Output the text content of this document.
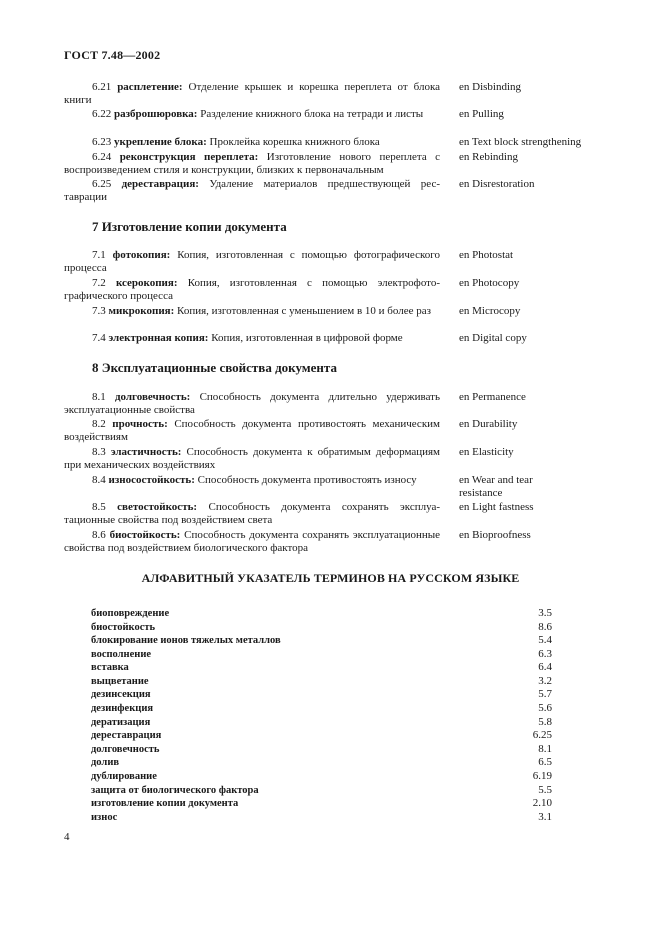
ГОСТ 7.48—2002
6.21 расплетение: Отделение крышек и корешка переплета от блока книги
en Disbinding
6.22 разброшюровка: Разделение книжного блока на тетради и листы	en Pulling
6.23 укрепление блока: Проклейка корешка книжного блока	en Text block strengthening
6.24 реконструкция переплета: Изготовление нового переплета с воспроизведением стиля и конструкции, близких к первоначальным
en Rebinding
6.25 дереставрация: Удаление материалов предшествующей реставрации
en Disrestoration
7 Изготовление копии документа
7.1 фотокопия: Копия, изготовленная с помощью фотографического процесса
en Photostat
7.2 ксерокопия: Копия, изготовленная с помощью электрофотографического процесса
en Photocopy
7.3 микрокопия: Копия, изготовленная с уменьшением в 10 и более раз	en Microcopy
7.4 электронная копия: Копия, изготовленная в цифровой форме	en Digital copy
8 Эксплуатационные свойства документа
8.1 долговечность: Способность документа длительно удерживать эксплуатационные свойства
en Permanence
8.2 прочность: Способность документа противостоять механическим воздействиям
en Durability
8.3 эластичность: Способность документа к обратимым деформациям при механических воздействиях
en Elasticity
8.4 износостойкость: Способность документа противостоять износу	en Wear and tear resistance
8.5 светостойкость: Способность документа сохранять эксплуатационные свойства под воздействием света
en Light fastness
8.6 биостойкость: Способность документа сохранять эксплуатационные свойства под воздействием биологического фактора
en Bioproofness
АЛФАВИТНЫЙ УКАЗАТЕЛЬ ТЕРМИНОВ НА РУССКОМ ЯЗЫКЕ
биоповреждение	3.5
биостойкость	8.6
блокирование ионов тяжелых металлов	5.4
восполнение	6.3
вставка	6.4
выцветание	3.2
дезинсекция	5.7
дезинфекция	5.6
дератизация	5.8
дереставрация	6.25
долговечность	8.1
долив	6.5
дублирование	6.19
защита от биологического фактора	5.5
изготовление копии документа	2.10
износ	3.1
4
